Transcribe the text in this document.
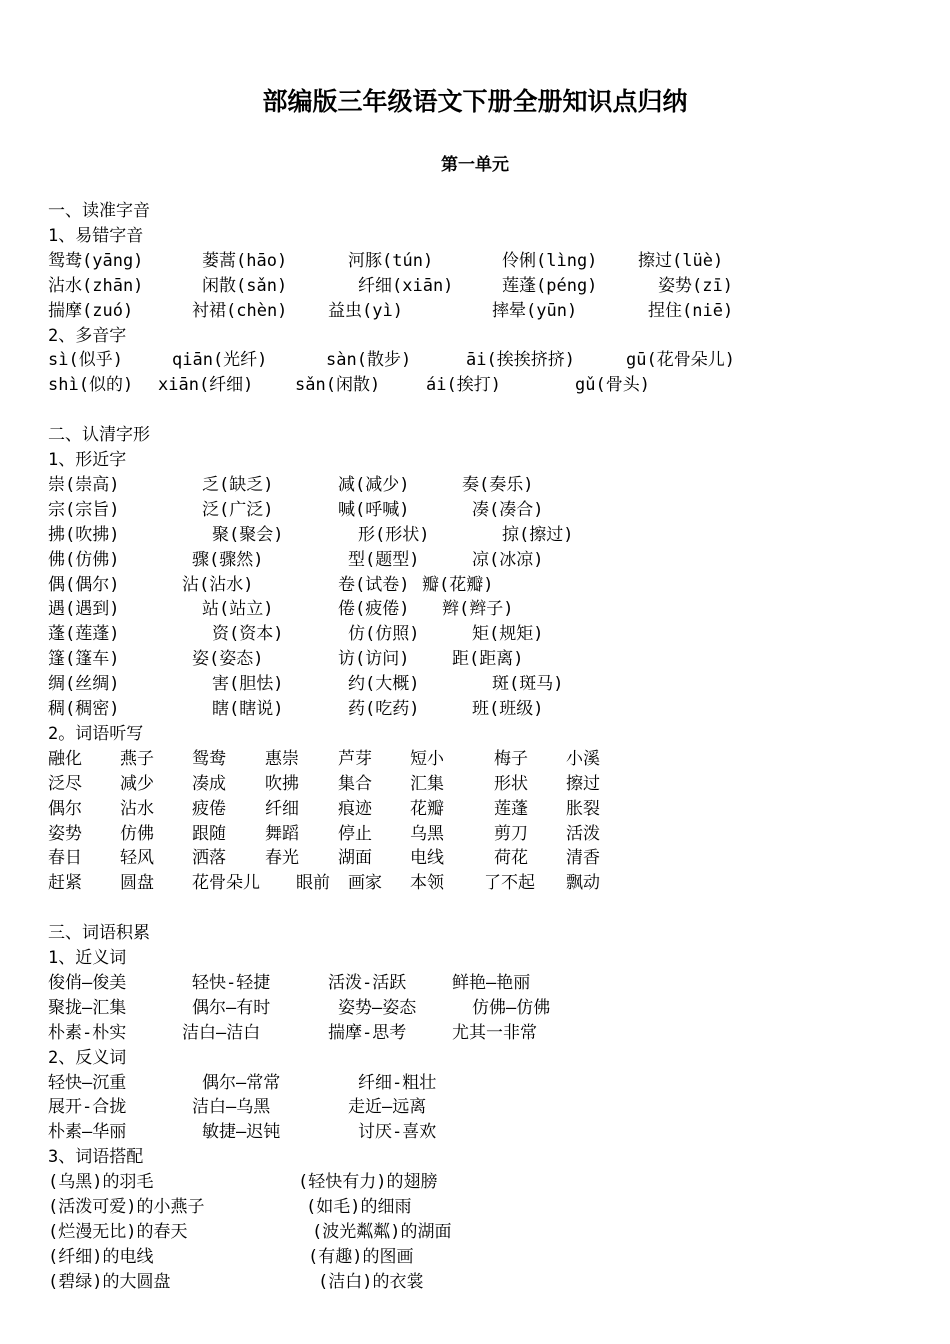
部编版三年级语文下册全册知识点归纳
第一单元
一、读准字音
1、易错字音
鸳鸯(yāng)	蒌蒿(hāo)	河豚(tún)	伶俐(lìng) 擦过(lüè)
沾水(zhān)	闲散(sǎn)	纤细(xiān)	莲蓬(péng)	姿势(zī)
揣摩(zuó)	衬裙(chèn) 益虫(yì)	摔晕(yūn)	捏住(niē)
2、多音字
sì(似乎)	qiān(光纤)	sàn(散步)	āi(挨挨挤挤)	gū(花骨朵儿)
shì(似的) xiān(纤细) sǎn(闲散)	ái(挨打)	gǔ(骨头)
二、认清字形
1、形近字
崇(崇高)	乏(缺乏)	减(减少)	奏(奏乐)
宗(宗旨)	泛(广泛)	喊(呼喊)	凑(凑合)
拂(吹拂)	聚(聚会)	形(形状)	掠(擦过)
佛(仿佛)	骤(骤然)	型(题型)	凉(冰凉)
偶(偶尔)	沾(沾水)	卷(试卷) 瓣(花瓣)
遇(遇到)	站(站立)	倦(疲倦) 辫(辫子)
蓬(莲蓬)	资(资本)	仿(仿照)	矩(规矩)
篷(篷车)	姿(姿态)	访(访问)	距(距离)
绸(丝绸)	害(胆怯)	约(大概)	斑(斑马)
稠(稠密)	瞎(瞎说)	药(吃药)	班(班级)
2。词语听写
融化 燕子 鸳鸯 惠崇 芦芽 短小	梅子 小溪
泛尽 减少 凑成 吹拂 集合 汇集	形状 擦过
偶尔 沾水 疲倦 纤细 痕迹 花瓣	莲蓬 胀裂
姿势 仿佛 跟随 舞蹈 停止 乌黑	剪刀 活泼
春日 轻风 洒落 春光 湖面 电线	荷花 清香
赶紧 圆盘 花骨朵儿 眼前 画家 本领 了不起 飘动
三、词语积累
1、近义词
俊俏—俊美	轻快-轻捷	活泼-活跃	鲜艳—艳丽
聚拢—汇集	偶尔—有时	姿势—姿态	仿佛—仿佛
朴素-朴实	洁白—洁白	揣摩-思考	尤其一非常
2、反义词
轻快—沉重	偶尔—常常	纤细-粗壮
展开-合拢	洁白—乌黑	走近—远离
朴素—华丽	敏捷—迟钝	讨厌-喜欢
3、词语搭配
(乌黑)的羽毛	(轻快有力)的翅膀
(活泼可爱)的小燕子	(如毛)的细雨
(烂漫无比)的春天	(波光粼粼)的湖面
(纤细)的电线	(有趣)的图画
(碧绿)的大圆盘	(洁白)的衣裳
